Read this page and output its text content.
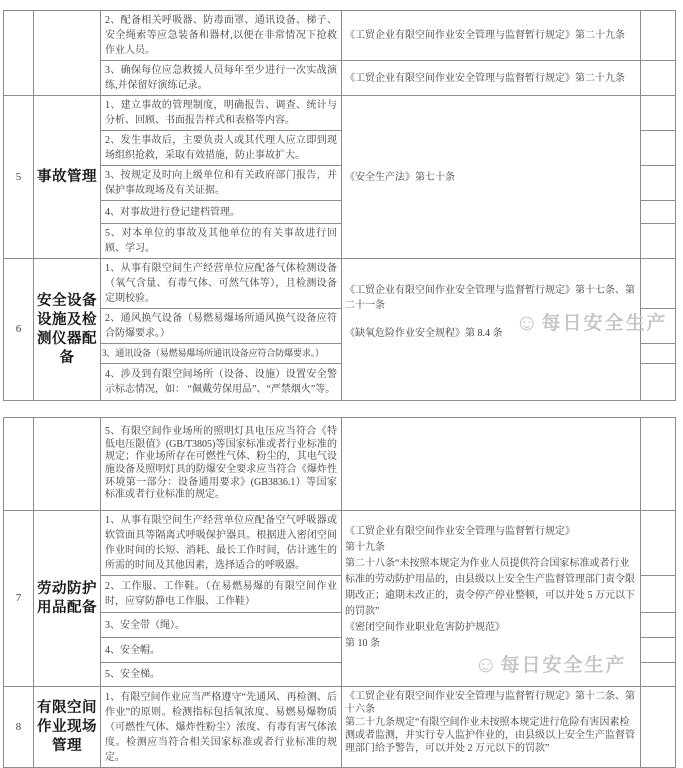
		2、配备相关呼吸器、防毒面罩、通讯设备、梯子、安全绳索等应急装备和器材,以便在非常情况下抢救作业人员。	《工贸企业有限空间作业安全管理与监督暂行规定》第二十九条	
		3、确保每位应急救援人员每年至少进行一次实战演练,并保留好演练记录。	《工贸企业有限空间作业安全管理与监督暂行规定》第二十九条	
5	事故管理	1、建立事故的管理制度，明确报告、调查、统计与分析、回顾、书面报告样式和表格等内容。	《安全生产法》第七十条	
		2、发生事故后，主要负责人或其代理人应立即到现场组织抢救，采取有效措施，防止事故扩大。		
		3、按规定及时向上级单位和有关政府部门报告，并保护事故现场及有关证据。		
		4、对事故进行登记建档管理。		
		5、对本单位的事故及其他单位的有关事故进行回顾、学习。		
6	安全设备设施及检测仪器配备	1、从事有限空间生产经营单位应配备气体检测设备（氧气含量、有毒气体、可然气体等），且检测设备定期校验。	《工贸企业有限空间作业安全管理与监督暂行规定》第十七条、第二十一条
《缺氧危险作业安全规程》第 8.4 条	

		2、通风换气设备（易燃易爆场所通风换气设备应符合防爆要求。）		
		3、通讯设备（易燃易爆场所通讯设备应符合防爆要求。）		
		4、涉及到有限空间场所（设备、设施）设置安全警示标志情况，如： “佩戴劳保用品”、“严禁烟火”等。		
		5、有限空间作业场所的照明灯具电压应当符合《特低电压限值》(GB/T3805)等国家标准或者行业标准的规定；作业场所存在可燃性气体、粉尘的，其电气设施设备及照明灯具的防爆安全要求应当符合《爆炸性环境第一部分：设备通用要求》(GB3836.1）等国家标准或者行业标准的规定。		
7	劳动防护用品配备	1、从事有限空间生产经营单位应配备空气呼吸器或软管面具等隔离式呼吸保护器具。根据进入密闭空间作业时间的长短、消耗、最长工作时间，估计逃生的所需的时间及其他因素，选择适合的呼吸器。	《工贸企业有限空间作业安全管理与监督暂行规定》
第十九条
第二十八条“未按照本规定为作业人员提供符合国家标准或者行业标准的劳动防护用品的，由县级以上安全生产监督管理部门责令限期改正；逾期未改正的，责令停产停业整顿，可以并处 5 万元以下的罚款”
《密闭空间作业职业危害防护规范》
第 10 条	

		2、工作服、工作鞋。（在易燃易爆的有限空间作业时，应穿防静电工作服、工作鞋）		
		3、安全带（绳）。		
		4、安全帽。		
		5、安全梯。		
8	有限空间作业现场管理	1、有限空间作业应当严格遵守“先通风、再检测、后作业”的原则。检测指标包括氧浓度、易燃易爆物质（可燃性气体、爆炸性粉尘）浓度、有毒有害气体浓度。检测应当符合相关国家标准或者行业标准的规定。	《工贸企业有限空间作业安全管理与监督暂行规定》第十二条、第十六条
第二十九条规定“有限空间作业未按照本规定进行危险有害因素检测或者监测，并实行专人监护作业的，由县级以上安全生产监督管理部门给予警告，可以并处 2 万元以下的罚款”	

☺ 每日安全生产
☺ 每日安全生产
